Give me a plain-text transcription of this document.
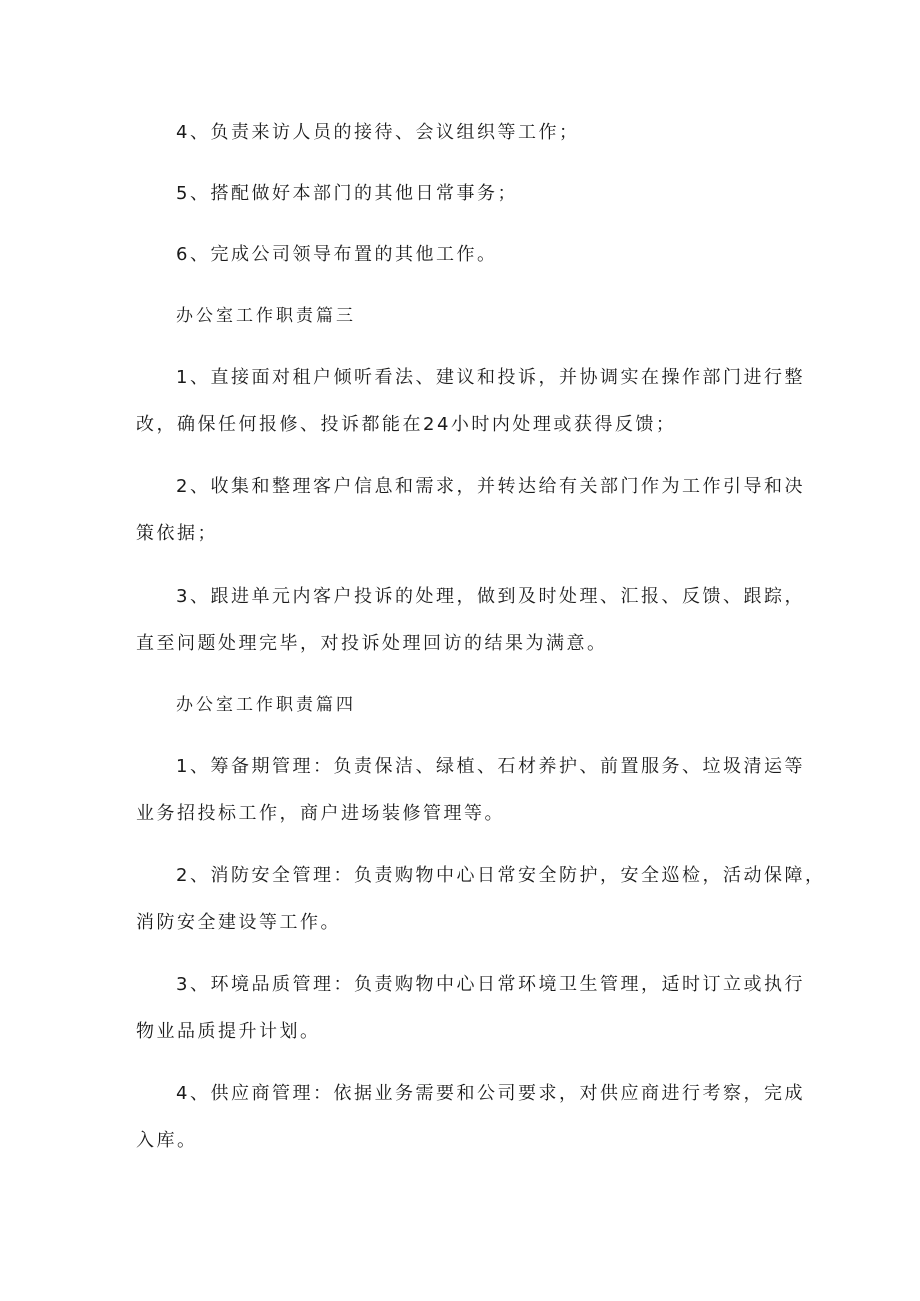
4、负责来访人员的接待、会议组织等工作；
5、搭配做好本部门的其他日常事务；
6、完成公司领导布置的其他工作。
办公室工作职责篇三
1、直接面对租户倾听看法、建议和投诉，并协调实在操作部门进行整
改，确保任何报修、投诉都能在24小时内处理或获得反馈；
2、收集和整理客户信息和需求，并转达给有关部门作为工作引导和决
策依据；
3、跟进单元内客户投诉的处理，做到及时处理、汇报、反馈、跟踪，
直至问题处理完毕，对投诉处理回访的结果为满意。
办公室工作职责篇四
1、筹备期管理：负责保洁、绿植、石材养护、前置服务、垃圾清运等
业务招投标工作，商户进场装修管理等。
2、消防安全管理：负责购物中心日常安全防护，安全巡检，活动保障，
消防安全建设等工作。
3、环境品质管理：负责购物中心日常环境卫生管理，适时订立或执行
物业品质提升计划。
4、供应商管理：依据业务需要和公司要求，对供应商进行考察，完成
入库。
